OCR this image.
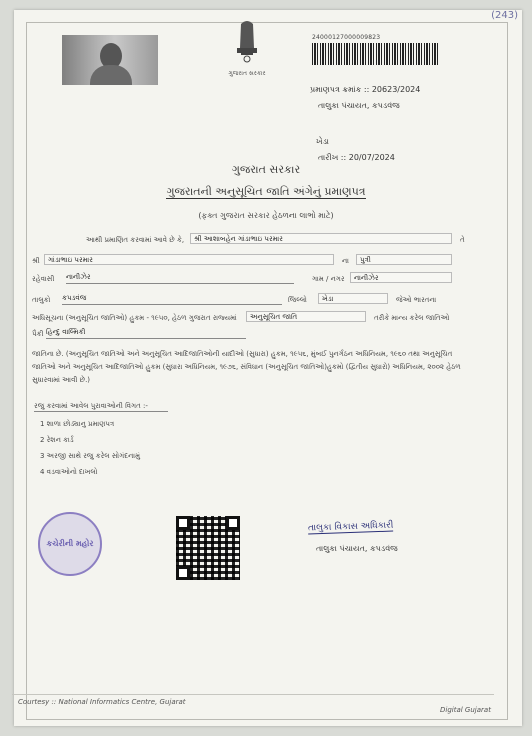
(243)
ગુજરાત સરકાર
24000127000009823
પ્રમાણપત્ર ક્રમાંક :: 20623/2024
તાલુકા પંચાયત, કપડવંજ
ખેડા
તારીખ :: 20/07/2024
ગુજરાત સરકાર
ગુજરાતની અનુસૂચિત જાતિ અંગેનું પ્રમાણપત્ર
(ફક્ત ગુજરાત સરકાર હેઠળના લાભો માટે)
આથી પ્રમાણિત કરવામાં આવે છે કે,	શ્રી આશાબહેન ગાંડાભાઇ પરમાર	તે
શ્રી	ગાંડાભાઇ પરમાર	ના	પુત્રી
રહેવાસી નાનીઝેર	ગામ / નગર	નાનીઝેર
તાલુકો કપડવંજ	જિલ્લો	ખેડા	જેઓ ભારતના
અધિસૂચના (અનુસૂચિત જાતિઓ) હુકમ - ૧૯૫૦, હેઠળ ગુજરાત રાજ્યમાં	અનુસૂચિત જાતિ	તરીકે માન્ય કરેલ જાતિઓ
પૈકી હિન્દુ વાલ્મિકી
જાતિના છે. (અનુસૂચિત જાતિઓ અને અનુસૂચિત આદિજાતિઓની યાદીઓ (સુધારા) હુકમ, ૧૯૫૬, મુંબઈ પુનર્ગઠન અધિનિયમ, ૧૯૬૦ તથા અનુસૂચિત જાતિઓ અને અનુસૂચિત આદિજાતિઓ હુકમ (સુધારા અધિનિયમ, ૧૯૭૬, સંવિધાન (અનુસૂચિત જાતિઓ)હુકમો (દ્વિતીય સુધારો) અધિનિયમ, ૨૦૦૨ હેઠળ સુધારવામાં આવી છે.)
રજુ કરવામાં આવેલ પુરાવાઓની વિગત :-
1 શાળા છોડ્યાનુ પ્રમાણપત્ર
2 રેશન કાર્ડ
3 અરજી સાથે રજુ કરેલ સોગંદનામું
4 વડવાઓનો દાખલો
કચેરીની મહોર
તાલુકા વિકાસ અધિકારી
તાલુકા પંચાયત, કપડવંજ
Courtesy :: National Informatics Centre, Gujarat
Digital Gujarat
